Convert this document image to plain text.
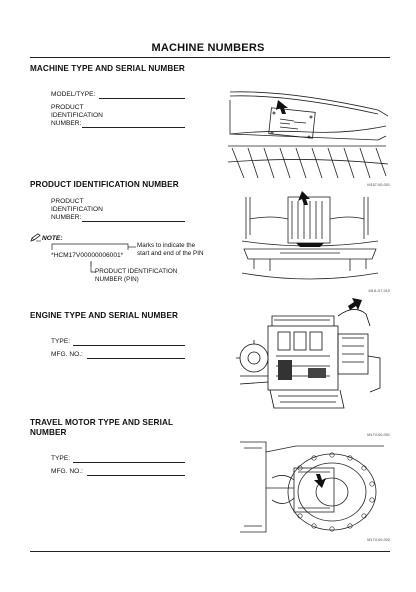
MACHINE NUMBERS
MACHINE TYPE AND SERIAL NUMBER
MODEL/TYPE:
PRODUCT
IDENTIFICATION
NUMBER:
M157-00-001
PRODUCT IDENTIFICATION NUMBER
PRODUCT
IDENTIFICATION
NUMBER:
NOTE:
*HCM17V00000006001*
Marks to indicate the
start and end of the PIN
PRODUCT IDENTIFICATION
NUMBER (PIN)
M1I1-07-010
ENGINE TYPE AND SERIAL NUMBER
TYPE:
MFG. NO.:
TRAVEL MOTOR TYPE AND SERIAL
NUMBER
TYPE:
MFG. NO.:
M17V-00-001
M17V-00-002
